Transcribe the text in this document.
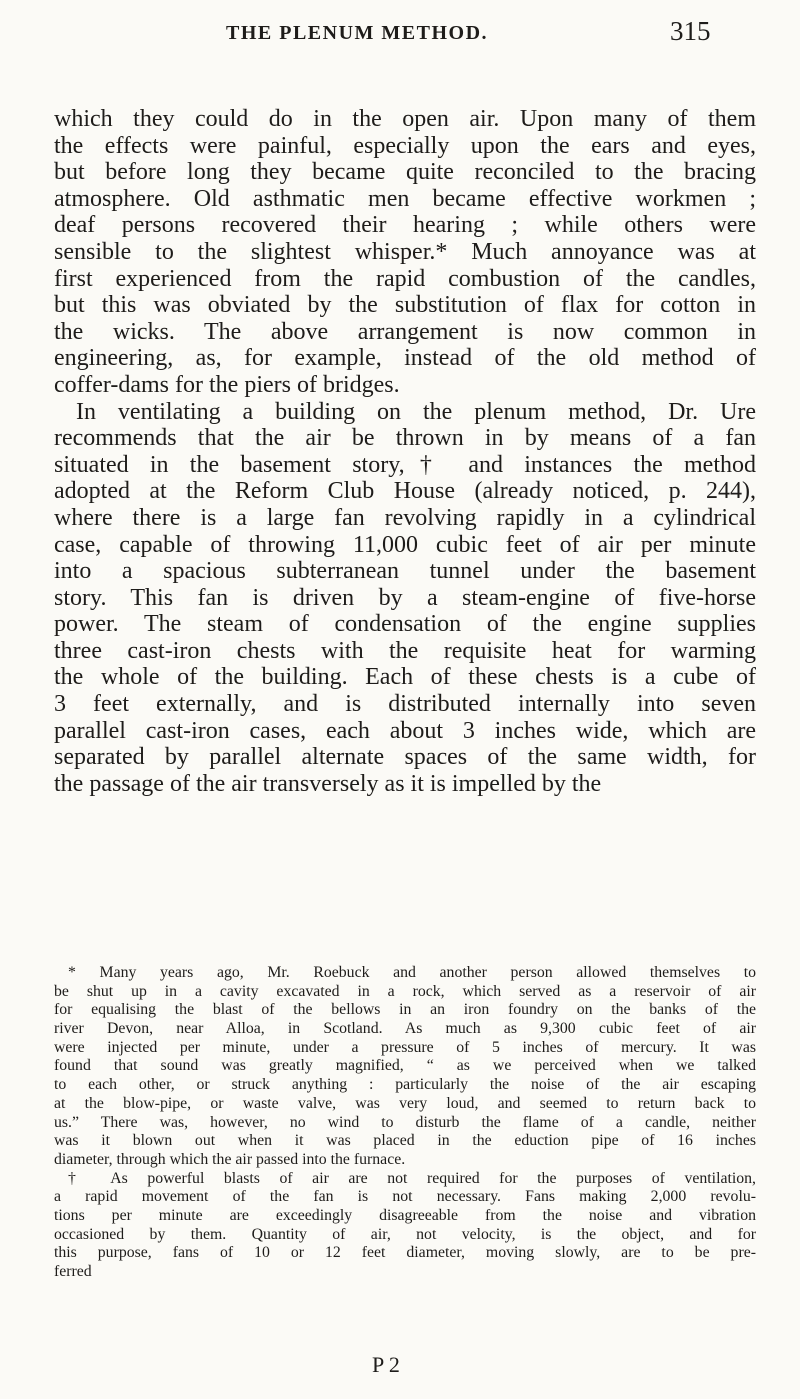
THE PLENUM METHOD.	315
which they could do in the open air. Upon many of them
the effects were painful, especially upon the ears and eyes,
but before long they became quite reconciled to the bracing
atmosphere. Old asthmatic men became effective workmen ;
deaf persons recovered their hearing ; while others were
sensible to the slightest whisper.* Much annoyance was at
first experienced from the rapid combustion of the candles,
but this was obviated by the substitution of flax for cotton in
the wicks. The above arrangement is now common in
engineering, as, for example, instead of the old method of
coffer-dams for the piers of bridges.
In ventilating a building on the plenum method, Dr. Ure
recommends that the air be thrown in by means of a fan
situated in the basement story,† and instances the method
adopted at the Reform Club House (already noticed, p. 244),
where there is a large fan revolving rapidly in a cylindrical
case, capable of throwing 11,000 cubic feet of air per minute
into a spacious subterranean tunnel under the basement
story. This fan is driven by a steam-engine of five-horse
power. The steam of condensation of the engine supplies
three cast-iron chests with the requisite heat for warming
the whole of the building. Each of these chests is a cube of
3 feet externally, and is distributed internally into seven
parallel cast-iron cases, each about 3 inches wide, which are
separated by parallel alternate spaces of the same width, for
the passage of the air transversely as it is impelled by the
* Many years ago, Mr. Roebuck and another person allowed themselves to
be shut up in a cavity excavated in a rock, which served as a reservoir of air
for equalising the blast of the bellows in an iron foundry on the banks of the
river Devon, near Alloa, in Scotland. As much as 9,300 cubic feet of air
were injected per minute, under a pressure of 5 inches of mercury. It was
found that sound was greatly magnified, “ as we perceived when we talked
to each other, or struck anything : particularly the noise of the air escaping
at the blow-pipe, or waste valve, was very loud, and seemed to return back to
us.” There was, however, no wind to disturb the flame of a candle, neither
was it blown out when it was placed in the eduction pipe of 16 inches
diameter, through which the air passed into the furnace.
† As powerful blasts of air are not required for the purposes of ventilation,
a rapid movement of the fan is not necessary. Fans making 2,000 revolu-
tions per minute are exceedingly disagreeable from the noise and vibration
occasioned by them. Quantity of air, not velocity, is the object, and for
this purpose, fans of 10 or 12 feet diameter, moving slowly, are to be pre-
ferred
P 2
